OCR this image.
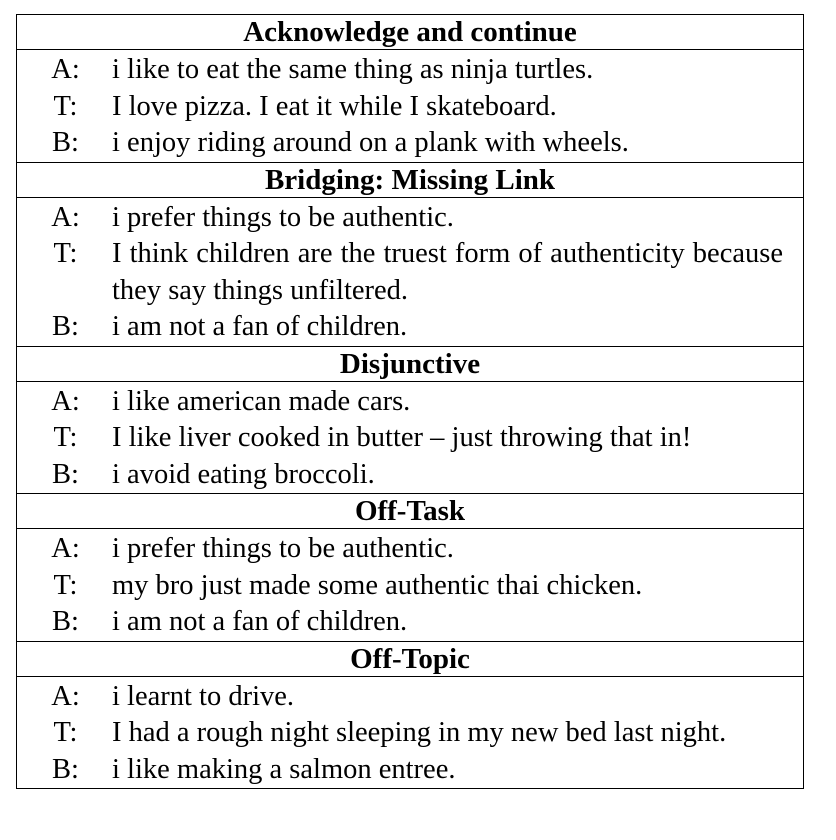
Acknowledge and continue
A:	i like to eat the same thing as ninja turtles.
T:	I love pizza. I eat it while I skateboard.
B:	i enjoy riding around on a plank with wheels.
Bridging: Missing Link
A:	i prefer things to be authentic.
T:	I think children are the truest form of authenticity because they say things unfiltered.
B:	i am not a fan of children.
Disjunctive
A:	i like american made cars.
T:	I like liver cooked in butter – just throwing that in!
B:	i avoid eating broccoli.
Off-Task
A:	i prefer things to be authentic.
T:	my bro just made some authentic thai chicken.
B:	i am not a fan of children.
Off-Topic
A:	i learnt to drive.
T:	I had a rough night sleeping in my new bed last night.
B:	i like making a salmon entree.
